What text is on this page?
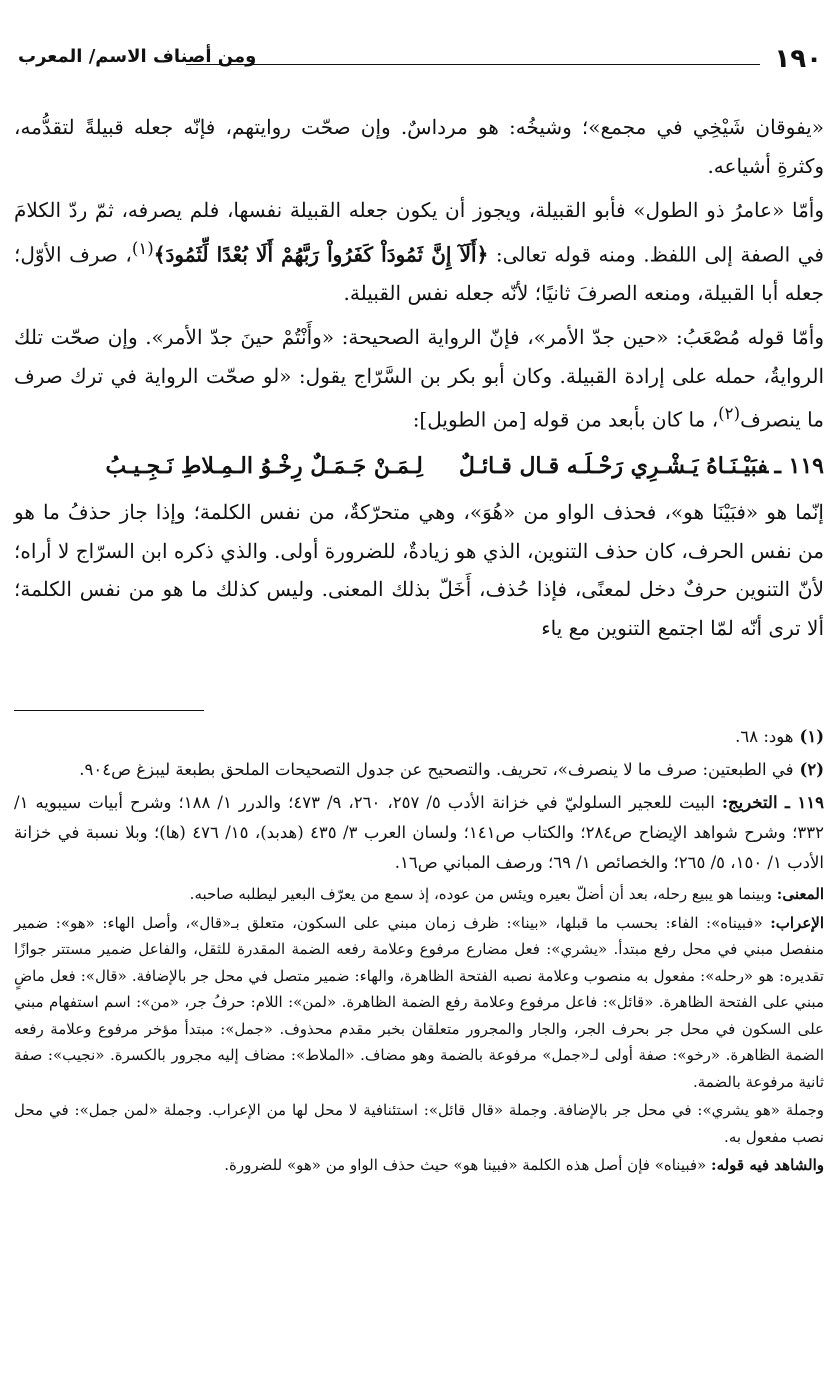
١٩٠
ومن أصناف الاسم/ المعرب

«يفوقان شَيْخِي في مجمع»؛ وشيخُه: هو مرداسٌ. وإن صحّت روايتهم، فإنّه جعله قبيلةً لتقدُّمه، وكثرةِ أشياعه.

وأمّا «عامرُ ذو الطول» فأبو القبيلة، ويجوز أن يكون جعله القبيلة نفسها، فلم يصرفه، ثمّ ردّ الكلامَ في الصفة إلى اللفظ. ومنه قوله تعالى: ﴿أَلَآ إِنَّ ثَمُودَاْ كَفَرُواْ رَبَّهُمْ أَلَا بُعْدًا لِّثَمُودَ﴾$^{(١)}$، صرف الأوّل؛ جعله أبا القبيلة، ومنعه الصرفَ ثانيًا؛ لأنّه جعله نفس القبيلة.

وأمّا قوله مُصْعَبُ: «حين جدّ الأمر»، فإنّ الرواية الصحيحة: «وأَنْتُمْ حينَ جدّ الأمر». وإن صحّت تلك الروايةُ، حمله على إرادة القبيلة. وكان أبو بكر بن السَّرّاج يقول: «لو صحّت الرواية في ترك صرف ما ينصرف$^{(٢)}$، ما كان بأبعد من قوله [من الطويل]:

١١٩ ـفبَيْـنَـاهُ يَـشْـرِي رَحْـلَـه قـال قـائـلٌ
لِـمَـنْ جَـمَـلٌ رِخْـوُ الـمِـلاطِ نَـجِـيـبُ

إنّما هو «فبَيْنَا هو»، فحذف الواو من «هُوَ»، وهي متحرّكةٌ، من نفس الكلمة؛ وإذا جاز حذفُ ما هو من نفس الحرف، كان حذف التنوين، الذي هو زيادةٌ، للضرورة أولى. والذي ذكره ابن السرّاج لا أراه؛ لأنّ التنوين حرفٌ دخل لمعنًى، فإذا حُذف، أَخَلّ بذلك المعنى. وليس كذلك ما هو من نفس الكلمة؛ ألا ترى أنّه لمّا اجتمع التنوين مع ياء

(١)هود: ٦٨.

(٢)في الطبعتين: صرف ما لا ينصرف»، تحريف. والتصحيح عن جدول التصحيحات الملحق بطبعة ليبزغ ص٩٠٤.

١١٩ ـ التخريج: البيت للعجير السلوليّ في خزانة الأدب ٥/ ٢٥٧، ٢٦٠، ٩/ ٤٧٣؛ والدرر ١/ ١٨٨؛ وشرح أبيات سيبويه ١/ ٣٣٢؛ وشرح شواهد الإيضاح ص٢٨٤؛ والكتاب ص١٤١؛ ولسان العرب ٣/ ٤٣٥ (هدبد)، ١٥/ ٤٧٦ (ها)؛ وبلا نسبة في خزانة الأدب ١/ ١٥٠، ٥/ ٢٦٥؛ والخصائص ١/ ٦٩؛ ورصف المباني ص١٦.

المعنى: وبينما هو يبيع رحله، بعد أن أضلّ بعيره ويئس من عوده، إذ سمع من يعرّف البعير ليطلبه صاحبه.

الإعراب: «فبيناه»: الفاء: بحسب ما قبلها، «بينا»: ظرف زمان مبني على السكون، متعلق بـ«قال»، وأصل الهاء: «هو»: ضمير منفصل مبني في محل رفع مبتدأ. «يشري»: فعل مضارع مرفوع وعلامة رفعه الضمة المقدرة للثقل، والفاعل ضمير مستتر جوازًا تقديره: هو «رحله»: مفعول به منصوب وعلامة نصبه الفتحة الظاهرة، والهاء: ضمير متصل في محل جر بالإضافة. «قال»: فعل ماضٍ مبني على الفتحة الظاهرة. «قائل»: فاعل مرفوع وعلامة رفع الضمة الظاهرة. «لمن»: اللام: حرفُ جر، «من»: اسم استفهام مبني على السكون في محل جر بحرف الجر، والجار والمجرور متعلقان بخبر مقدم محذوف. «جمل»: مبتدأ مؤخر مرفوع وعلامة رفعه الضمة الظاهرة. «رخو»: صفة أولى لـ«جمل» مرفوعة بالضمة وهو مضاف. «الملاط»: مضاف إليه مجرور بالكسرة. «نجيب»: صفة ثانية مرفوعة بالضمة.

وجملة «هو يشري»: في محل جر بالإضافة. وجملة «قال قائل»: استئنافية لا محل لها من الإعراب. وجملة «لمن جمل»: في محل نصب مفعول به.

والشاهد فيه قوله: «فبيناه» فإن أصل هذه الكلمة «فبينا هو» حيث حذف الواو من «هو» للضرورة.
